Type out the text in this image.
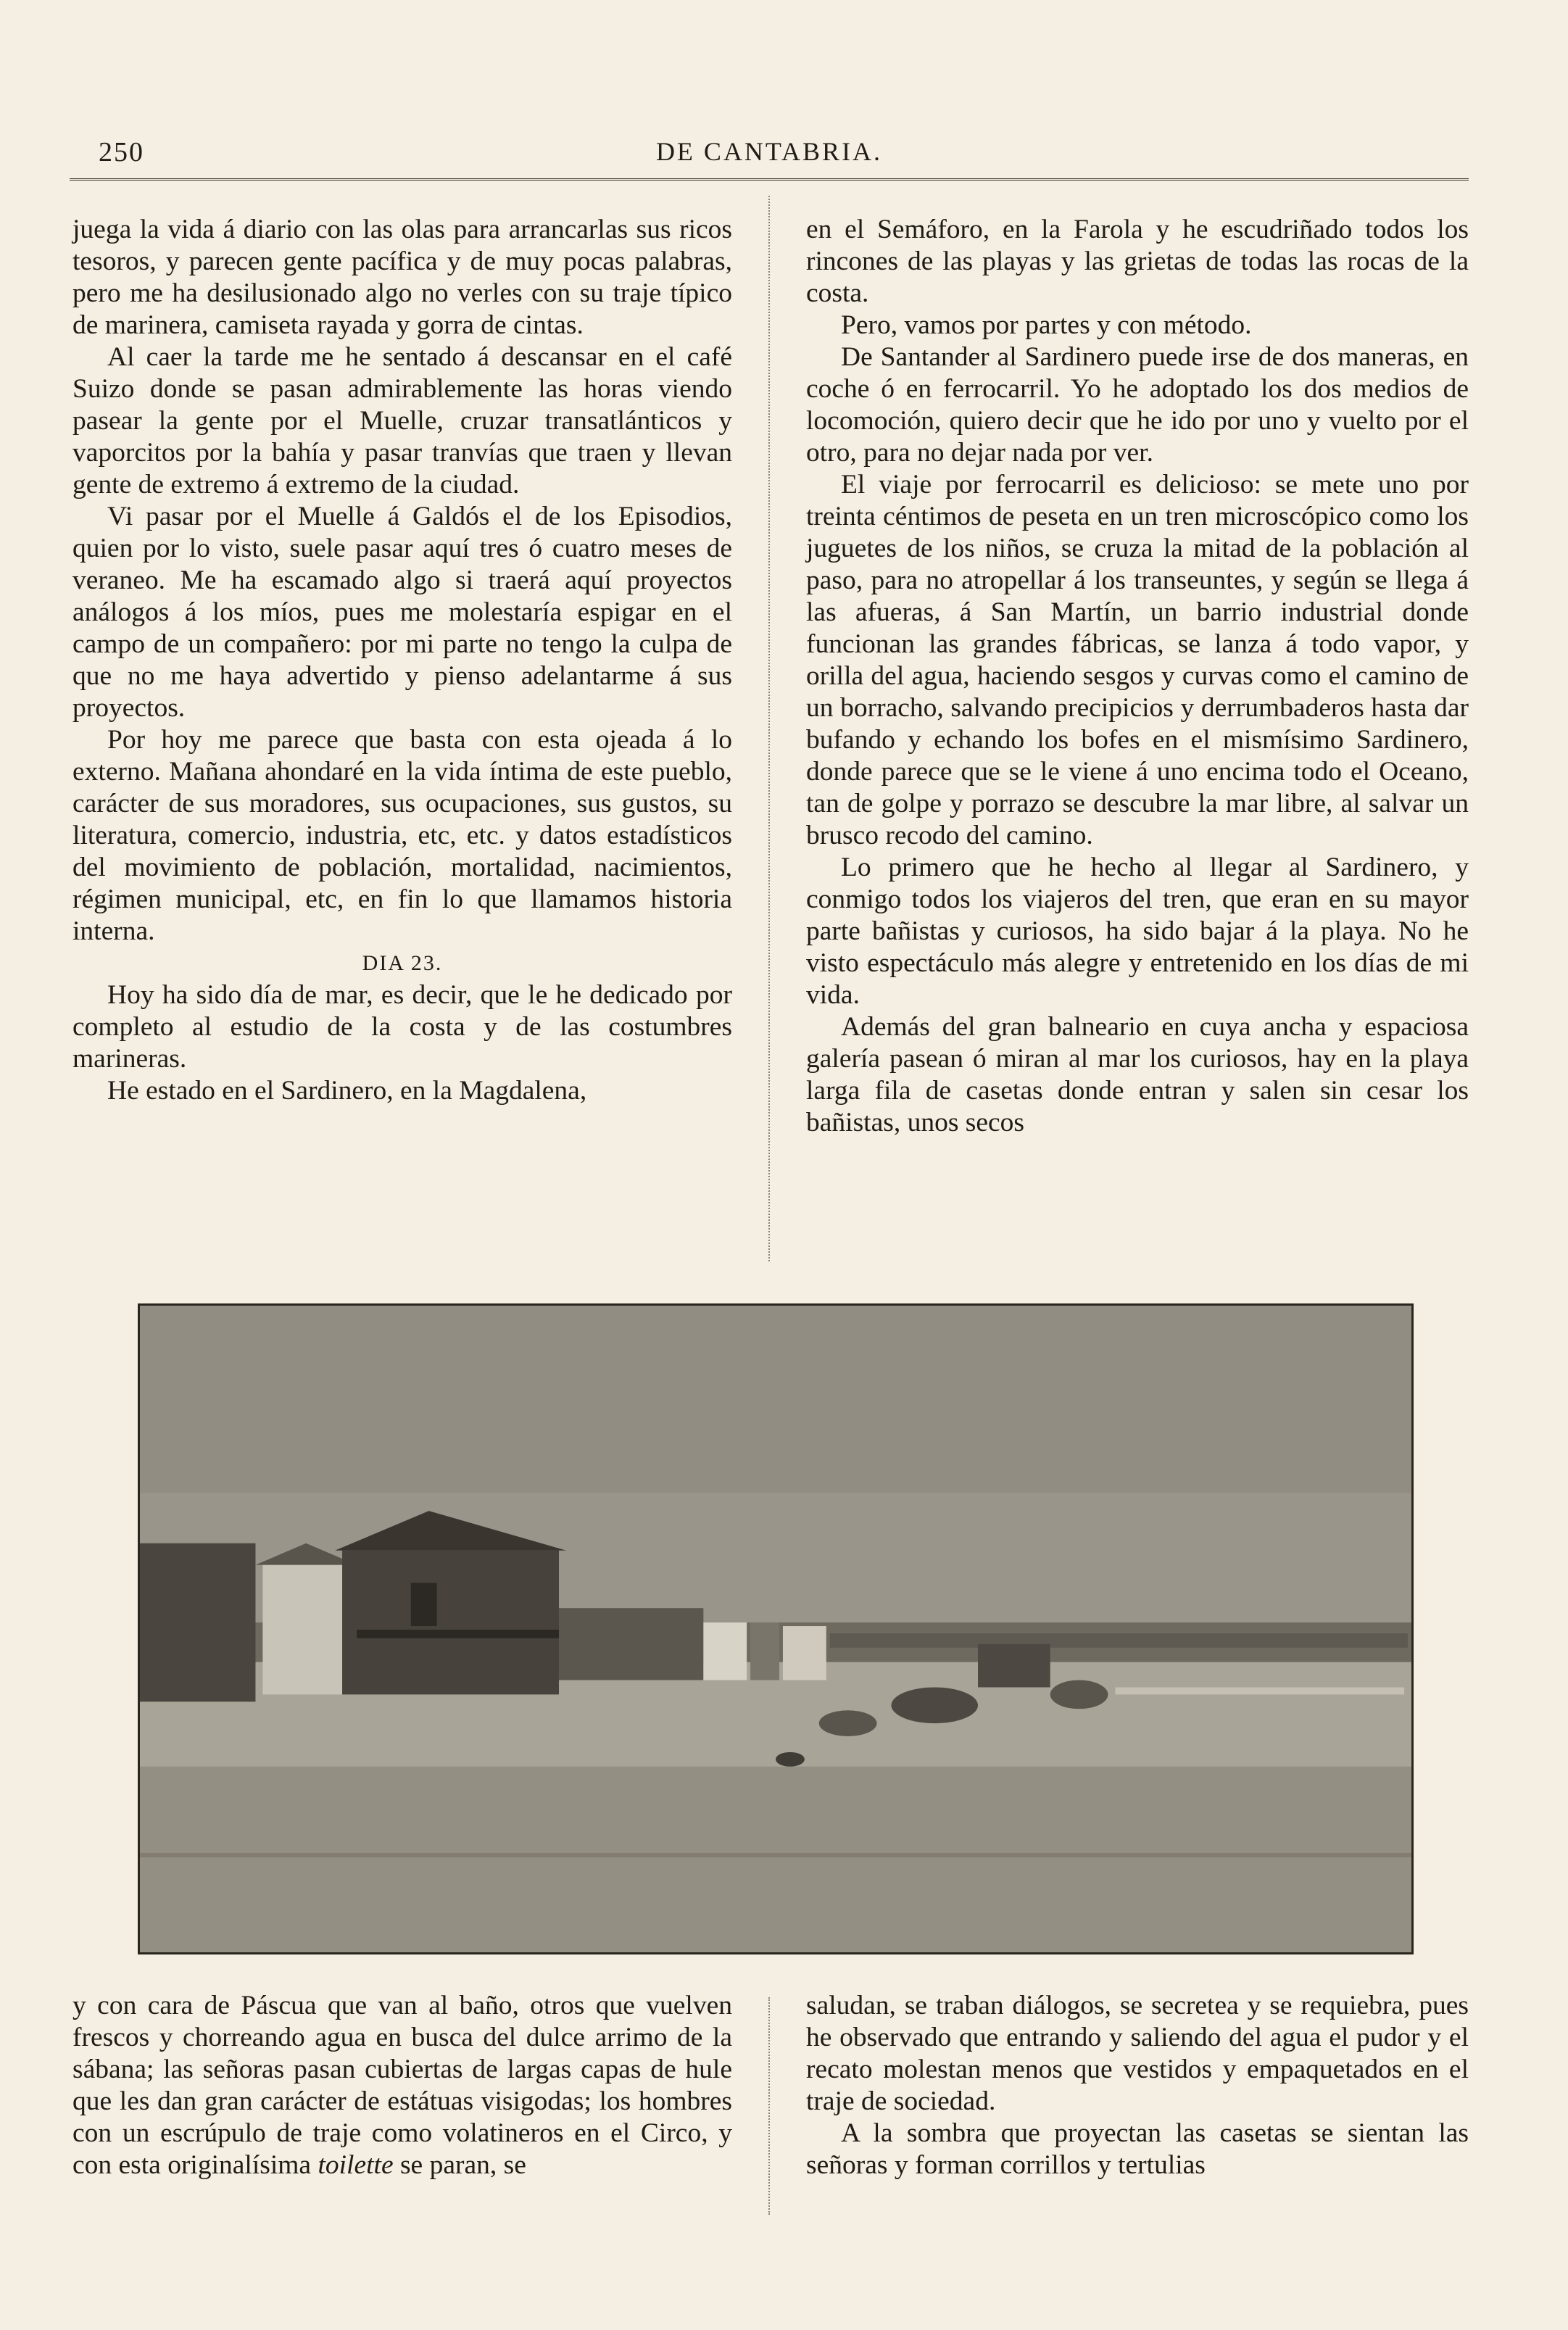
250	DE CANTABRIA.

juega la vida á diario con las olas para arrancarlas sus ricos tesoros, y parecen gente pacífica y de muy pocas palabras, pero me ha desilusionado algo no verles con su traje típico de marinera, camiseta rayada y gorra de cintas.

Al caer la tarde me he sentado á descansar en el café Suizo donde se pasan admirablemente las horas viendo pasear la gente por el Muelle, cruzar transatlánticos y vaporcitos por la bahía y pasar tranvías que traen y llevan gente de extremo á extremo de la ciudad.

Vi pasar por el Muelle á Galdós el de los Episodios, quien por lo visto, suele pasar aquí tres ó cuatro meses de veraneo. Me ha escamado algo si traerá aquí proyectos análogos á los míos, pues me molestaría espigar en el campo de un compañero: por mi parte no tengo la culpa de que no me haya advertido y pienso adelantarme á sus proyectos.

Por hoy me parece que basta con esta ojeada á lo externo. Mañana ahondaré en la vida íntima de este pueblo, carácter de sus moradores, sus ocupaciones, sus gustos, su literatura, comercio, industria, etc, etc. y datos estadísticos del movimiento de población, mortalidad, nacimientos, régimen municipal, etc, en fin lo que llamamos historia interna.

DIA 23.

Hoy ha sido día de mar, es decir, que le he dedicado por completo al estudio de la costa y de las costumbres marineras.

He estado en el Sardinero, en la Magdalena,

en el Semáforo, en la Farola y he escudriñado todos los rincones de las playas y las grietas de todas las rocas de la costa.

Pero, vamos por partes y con método.

De Santander al Sardinero puede irse de dos maneras, en coche ó en ferrocarril. Yo he adoptado los dos medios de locomoción, quiero decir que he ido por uno y vuelto por el otro, para no dejar nada por ver.

El viaje por ferrocarril es delicioso: se mete uno por treinta céntimos de peseta en un tren microscópico como los juguetes de los niños, se cruza la mitad de la población al paso, para no atropellar á los transeuntes, y según se llega á las afueras, á San Martín, un barrio industrial donde funcionan las grandes fábricas, se lanza á todo vapor, y orilla del agua, haciendo sesgos y curvas como el camino de un borracho, salvando precipicios y derrumbaderos hasta dar bufando y echando los bofes en el mismísimo Sardinero, donde parece que se le viene á uno encima todo el Oceano, tan de golpe y porrazo se descubre la mar libre, al salvar un brusco recodo del camino.

Lo primero que he hecho al llegar al Sardinero, y conmigo todos los viajeros del tren, que eran en su mayor parte bañistas y curiosos, ha sido bajar á la playa. No he visto espectáculo más alegre y entretenido en los días de mi vida.

Además del gran balneario en cuya ancha y espaciosa galería pasean ó miran al mar los curiosos, hay en la playa larga fila de casetas donde entran y salen sin cesar los bañistas, unos secos

y con cara de Páscua que van al baño, otros que vuelven frescos y chorreando agua en busca del dulce arrimo de la sábana; las señoras pasan cubiertas de largas capas de hule que les dan gran carácter de estátuas visigodas; los hombres con un escrúpulo de traje como volatineros en el Circo, y con esta originalísima toilette se paran, se

saludan, se traban diálogos, se secretea y se requiebra, pues he observado que entrando y saliendo del agua el pudor y el recato molestan menos que vestidos y empaquetados en el traje de sociedad.

A la sombra que proyectan las casetas se sientan las señoras y forman corrillos y tertulias
